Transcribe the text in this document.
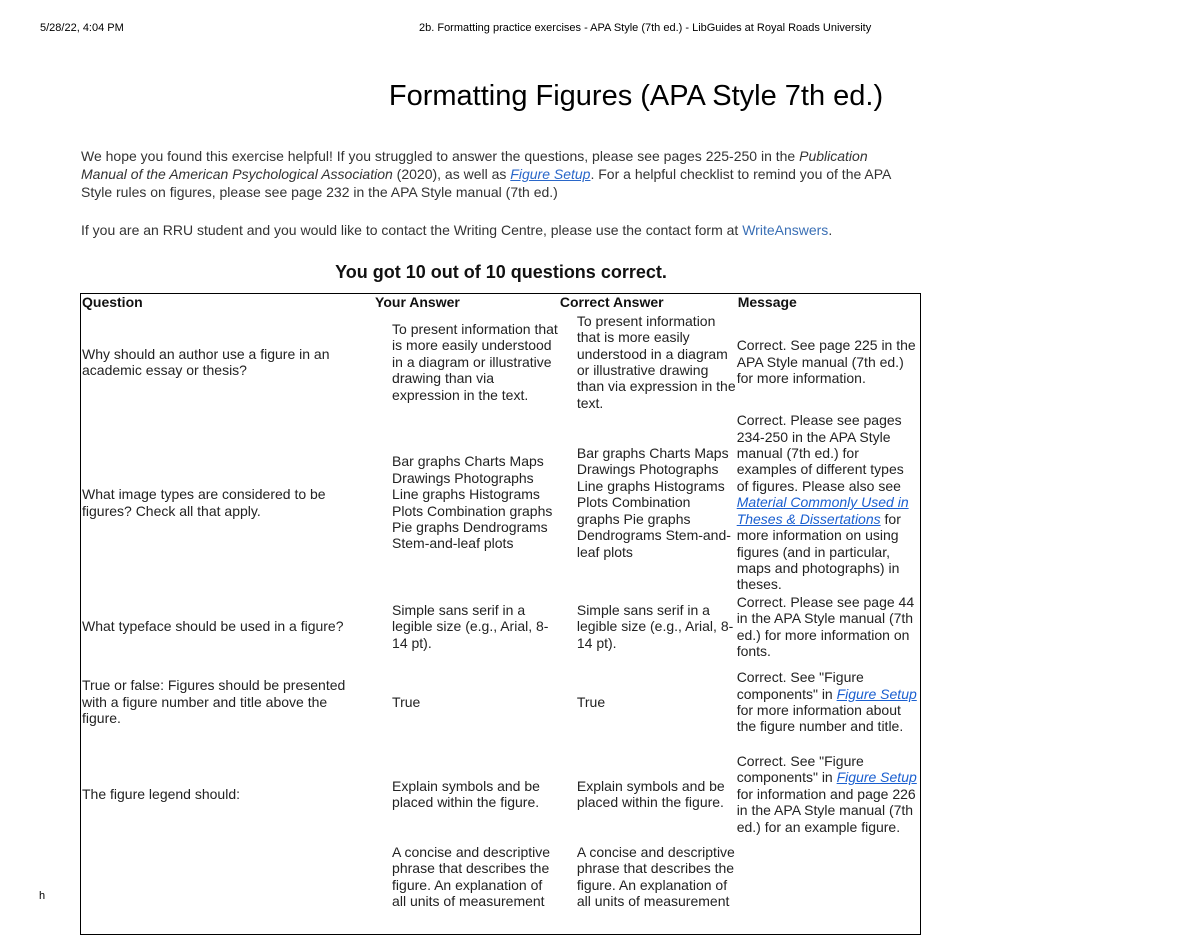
5/28/22, 4:04 PM	2b. Formatting practice exercises - APA Style (7th ed.) - LibGuides at Royal Roads University
Formatting Figures (APA Style 7th ed.)

We hope you found this exercise helpful! If you struggled to answer the questions, please see pages 225-250 in the Publication Manual of the American Psychological Association (2020), as well as Figure Setup. For a helpful checklist to remind you of the APA Style rules on figures, please see page 232 in the APA Style manual (7th ed.)

If you are an RRU student and you would like to contact the Writing Centre, please use the contact form at WriteAnswers.

You got 10 out of 10 questions correct.
Question	Your Answer	Correct Answer	Message
Why should an author use a figure in an academic essay or thesis?	To present information that is more easily understood in a diagram or illustrative drawing than via expression in the text.	To present information that is more easily understood in a diagram or illustrative drawing than via expression in the text.	Correct. See page 225 in the APA Style manual (7th ed.) for more information.
What image types are considered to be figures? Check all that apply.	Bar graphs Charts Maps Drawings Photographs Line graphs Histograms Plots Combination graphs Pie graphs Dendrograms Stem-and-leaf plots	Bar graphs Charts Maps Drawings Photographs Line graphs Histograms Plots Combination graphs Pie graphs Dendrograms Stem-and-leaf plots	Correct. Please see pages 234-250 in the APA Style manual (7th ed.) for examples of different types of figures. Please also see Material Commonly Used in Theses & Dissertations for more information on using figures (and in particular, maps and photographs) in theses.
What typeface should be used in a figure?	Simple sans serif in a legible size (e.g., Arial, 8-14 pt).	Simple sans serif in a legible size (e.g., Arial, 8-14 pt).	Correct. Please see page 44 in the APA Style manual (7th ed.) for more information on fonts.
True or false: Figures should be presented with a figure number and title above the figure.	True	True	Correct. See "Figure components" in Figure Setup for more information about the figure number and title.
The figure legend should:	Explain symbols and be placed within the figure.	Explain symbols and be placed within the figure.	Correct. See "Figure components" in Figure Setup for information and page 226 in the APA Style manual (7th ed.) for an example figure.
	A concise and descriptive phrase that describes the figure. An explanation of all units of measurement	A concise and descriptive phrase that describes the figure. An explanation of all units of measurement	
h
